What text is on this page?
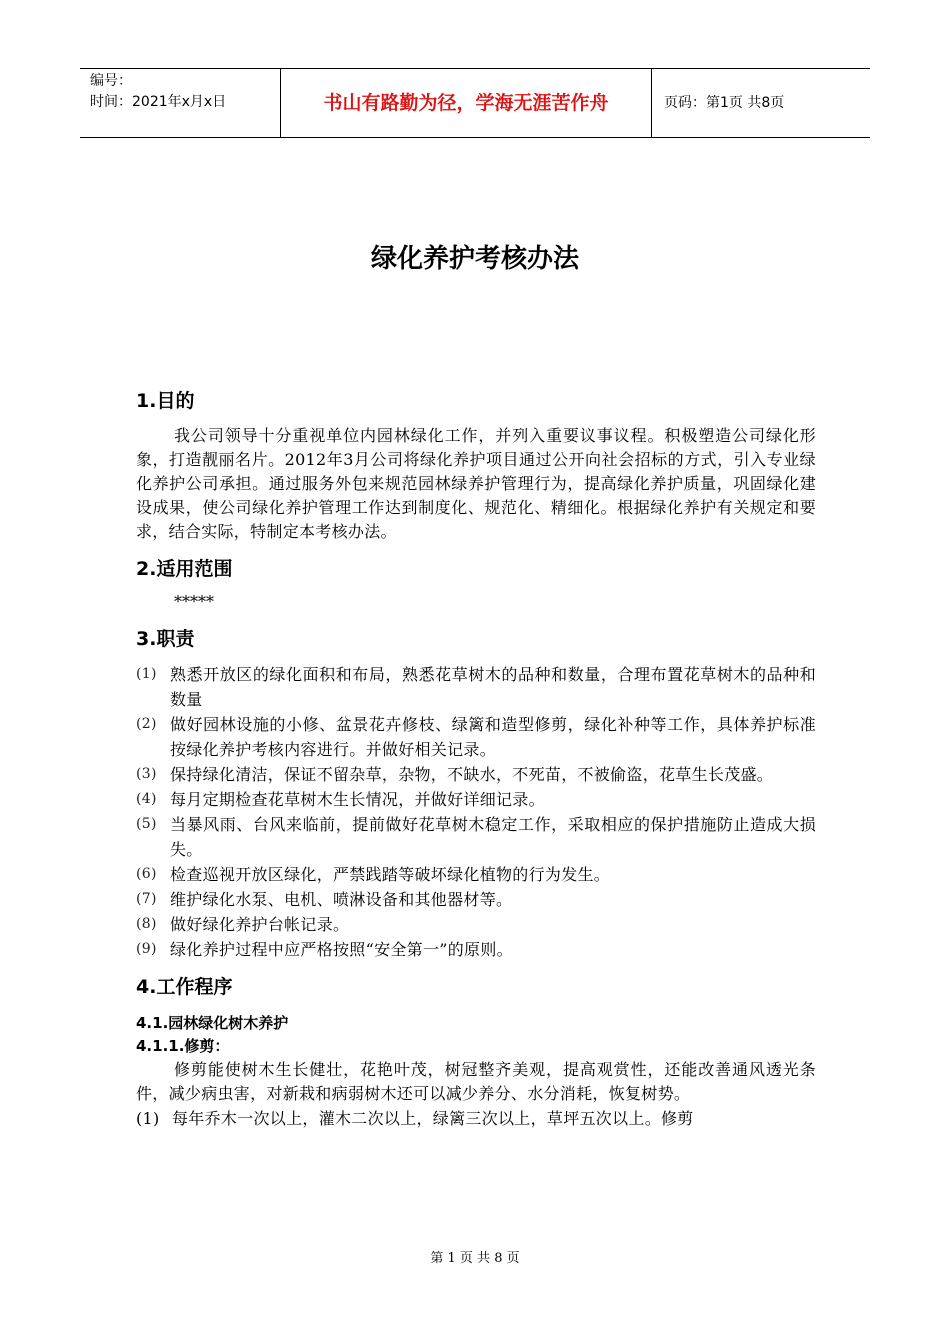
编号：
时间：2021年x月x日	书山有路勤为径，学海无涯苦作舟	页码：第1页 共8页
绿化养护考核办法
1.目的

我公司领导十分重视单位内园林绿化工作，并列入重要议事议程。积极塑造公司绿化形象，打造靓丽名片。2012年3月公司将绿化养护项目通过公开向社会招标的方式，引入专业绿化养护公司承担。通过服务外包来规范园林绿养护管理行为，提高绿化养护质量，巩固绿化建设成果，使公司绿化养护管理工作达到制度化、规范化、精细化。根据绿化养护有关规定和要求，结合实际，特制定本考核办法。

2.适用范围

*****

3.职责

(1) 熟悉开放区的绿化面积和布局，熟悉花草树木的品种和数量，合理布置花草树木的品种和数量

(2) 做好园林设施的小修、盆景花卉修枝、绿篱和造型修剪，绿化补种等工作，具体养护标准按绿化养护考核内容进行。并做好相关记录。

(3) 保持绿化清洁，保证不留杂草，杂物，不缺水，不死苗，不被偷盗，花草生长茂盛。

(4) 每月定期检查花草树木生长情况，并做好详细记录。

(5) 当暴风雨、台风来临前，提前做好花草树木稳定工作，采取相应的保护措施防止造成大损失。

(6) 检查巡视开放区绿化，严禁践踏等破坏绿化植物的行为发生。

(7) 维护绿化水泵、电机、喷淋设备和其他器材等。

(8) 做好绿化养护台帐记录。

(9) 绿化养护过程中应严格按照“安全第一”的原则。

4.工作程序
4.1.园林绿化树木养护
4.1.1.修剪：

修剪能使树木生长健壮，花艳叶茂，树冠整齐美观，提高观赏性，还能改善通风透光条件，减少病虫害，对新栽和病弱树木还可以减少养分、水分消耗，恢复树势。

(1) 每年乔木一次以上，灌木二次以上，绿篱三次以上，草坪五次以上。修剪

第 1 页 共 8 页
